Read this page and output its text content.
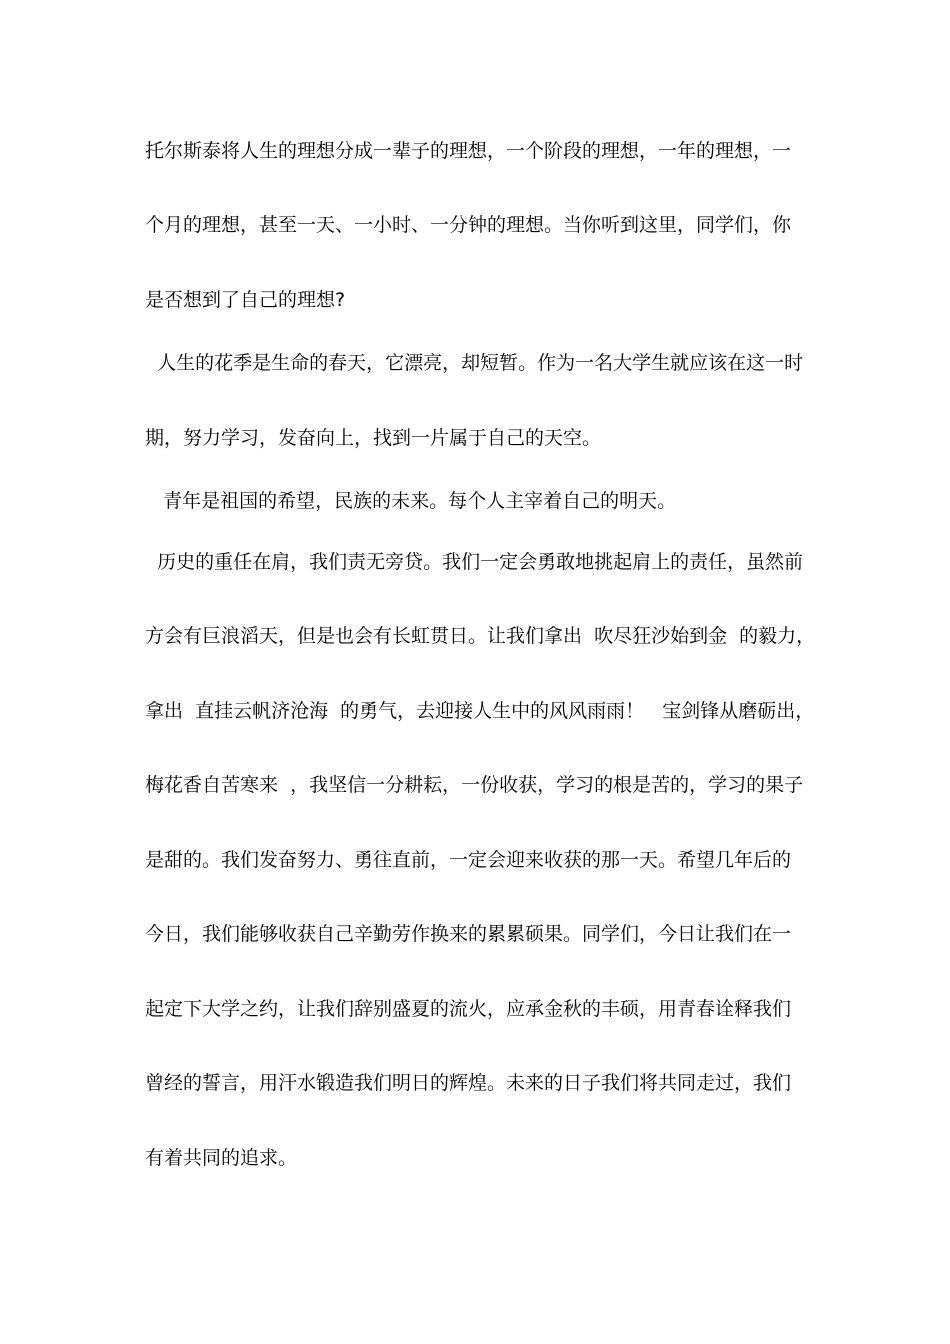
托尔斯泰将人生的理想分成一辈子的理想，一个阶段的理想，一年的理想，一

个月的理想，甚至一天、一小时、一分钟的理想。当你听到这里，同学们，你

是否想到了自己的理想?

人生的花季是生命的春天，它漂亮，却短暂。作为一名大学生就应该在这一时

期，努力学习，发奋向上，找到一片属于自己的天空。

青年是祖国的希望，民族的未来。每个人主宰着自己的明天。

历史的重任在肩，我们责无旁贷。我们一定会勇敢地挑起肩上的责任，虽然前

方会有巨浪滔天，但是也会有长虹贯日。让我们拿出  吹尽狂沙始到金  的毅力，

拿出  直挂云帆济沧海  的勇气，去迎接人生中的风风雨雨！   宝剑锋从磨砺出，

梅花香自苦寒来  ，我坚信一分耕耘，一份收获，学习的根是苦的，学习的果子

是甜的。我们发奋努力、勇往直前，一定会迎来收获的那一天。希望几年后的

今日，我们能够收获自己辛勤劳作换来的累累硕果。同学们，今日让我们在一

起定下大学之约，让我们辞别盛夏的流火，应承金秋的丰硕，用青春诠释我们

曾经的誓言，用汗水锻造我们明日的辉煌。未来的日子我们将共同走过，我们

有着共同的追求。
